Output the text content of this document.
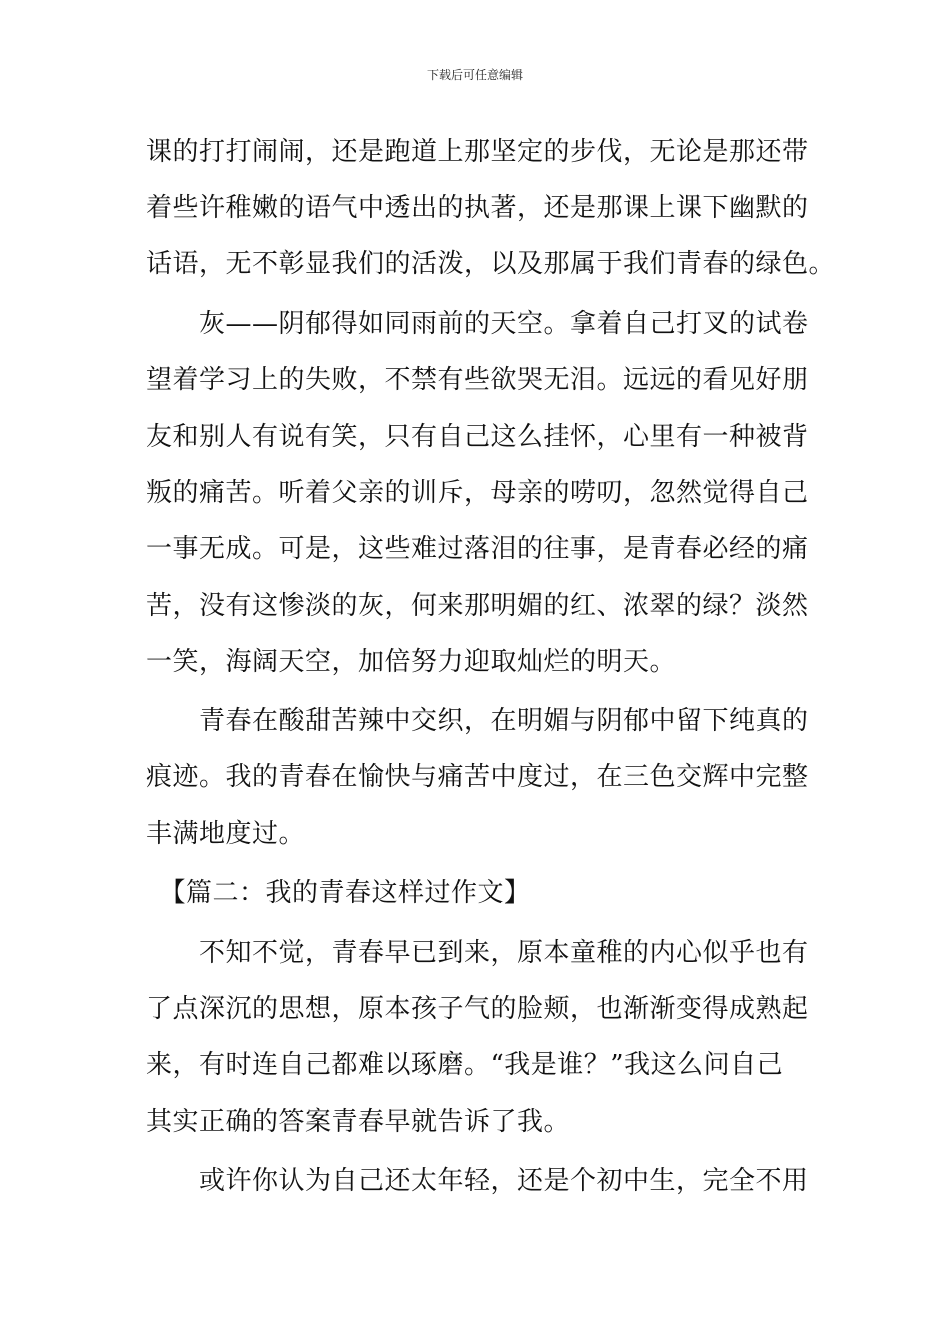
下载后可任意编辑
课的打打闹闹，还是跑道上那坚定的步伐，无论是那还带
着些许稚嫩的语气中透出的执著，还是那课上课下幽默的
话语，无不彰显我们的活泼，以及那属于我们青春的绿色。
　　灰——阴郁得如同雨前的天空。拿着自己打叉的试卷
望着学习上的失败，不禁有些欲哭无泪。远远的看见好朋
友和别人有说有笑，只有自己这么挂怀，心里有一种被背
叛的痛苦。听着父亲的训斥，母亲的唠叨，忽然觉得自己
一事无成。可是，这些难过落泪的往事，是青春必经的痛
苦，没有这惨淡的灰，何来那明媚的红、浓翠的绿？淡然
一笑，海阔天空，加倍努力迎取灿烂的明天。
　　青春在酸甜苦辣中交织，在明媚与阴郁中留下纯真的
痕迹。我的青春在愉快与痛苦中度过，在三色交辉中完整
丰满地度过。
　【篇二：我的青春这样过作文】
　　不知不觉，青春早已到来，原本童稚的内心似乎也有
了点深沉的思想，原本孩子气的脸颊，也渐渐变得成熟起
来，有时连自己都难以琢磨。“我是谁？”我这么问自己
其实正确的答案青春早就告诉了我。
　　或许你认为自己还太年轻，还是个初中生，完全不用
